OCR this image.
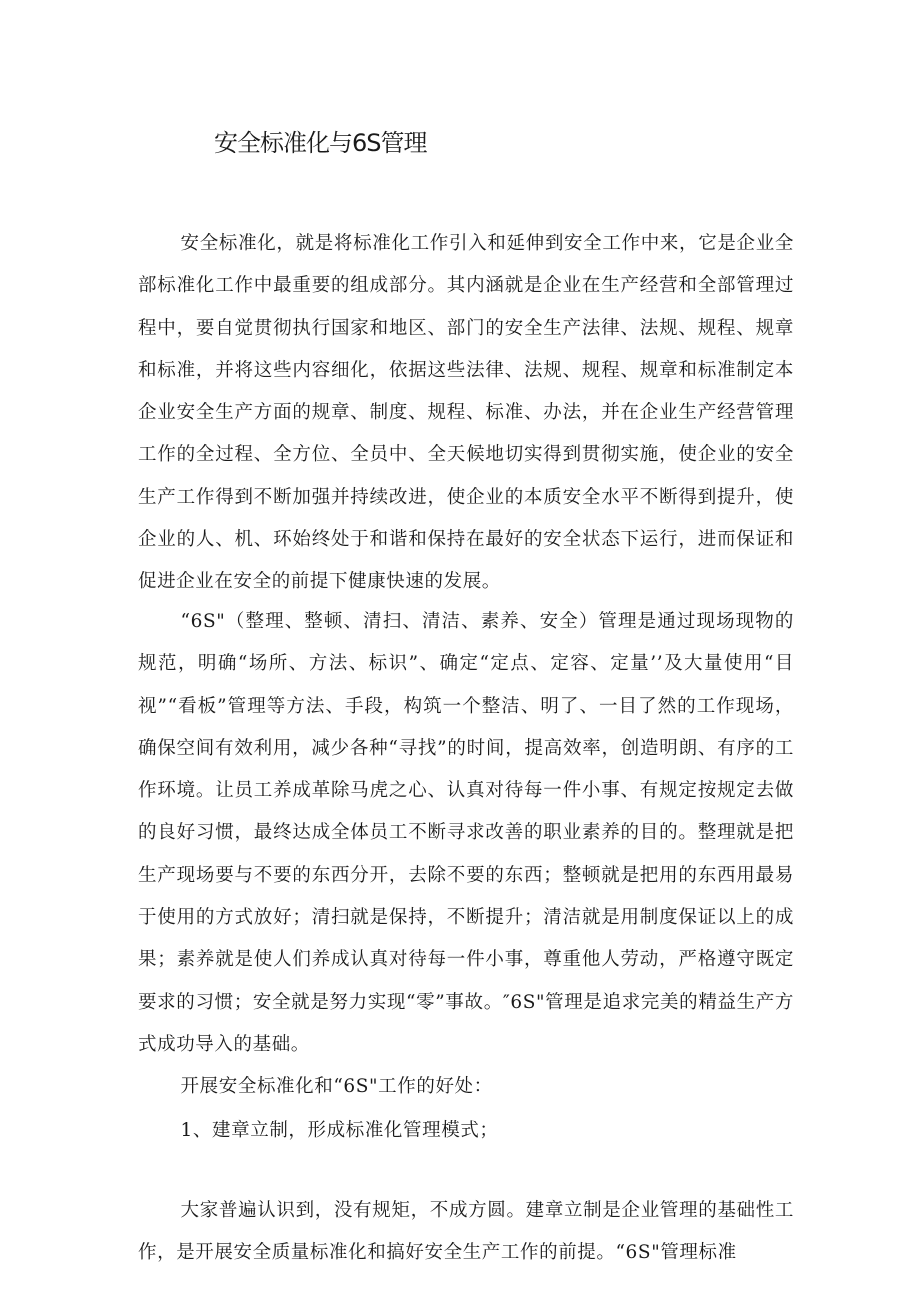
安全标准化与6S管理

安全标准化，就是将标准化工作引入和延伸到安全工作中来，它是企业全部标准化工作中最重要的组成部分。其内涵就是企业在生产经营和全部管理过程中，要自觉贯彻执行国家和地区、部门的安全生产法律、法规、规程、规章和标准，并将这些内容细化，依据这些法律、法规、规程、规章和标准制定本企业安全生产方面的规章、制度、规程、标准、办法，并在企业生产经营管理工作的全过程、全方位、全员中、全天候地切实得到贯彻实施，使企业的安全生产工作得到不断加强并持续改进，使企业的本质安全水平不断得到提升，使企业的人、机、环始终处于和谐和保持在最好的安全状态下运行，进而保证和促进企业在安全的前提下健康快速的发展。

“6S"（整理、整顿、清扫、清洁、素养、安全）管理是通过现场现物的规范，明确“场所、方法、标识”、确定“定点、定容、定量’’及大量使用“目视”“看板”管理等方法、手段，构筑一个整洁、明了、一目了然的工作现场，确保空间有效利用，减少各种“寻找”的时间，提高效率，创造明朗、有序的工作环境。让员工养成革除马虎之心、认真对待每一件小事、有规定按规定去做的良好习惯，最终达成全体员工不断寻求改善的职业素养的目的。整理就是把生产现场要与不要的东西分开，去除不要的东西；整顿就是把用的东西用最易于使用的方式放好；清扫就是保持，不断提升；清洁就是用制度保证以上的成果；素养就是使人们养成认真对待每一件小事，尊重他人劳动，严格遵守既定要求的习惯；安全就是努力实现“零”事故。″6S"管理是追求完美的精益生产方式成功导入的基础。

开展安全标准化和“6S"工作的好处：

1、建章立制，形成标准化管理模式；

大家普遍认识到，没有规矩，不成方圆。建章立制是企业管理的基础性工作，是开展安全质量标准化和搞好安全生产工作的前提。“6S"管理标准
